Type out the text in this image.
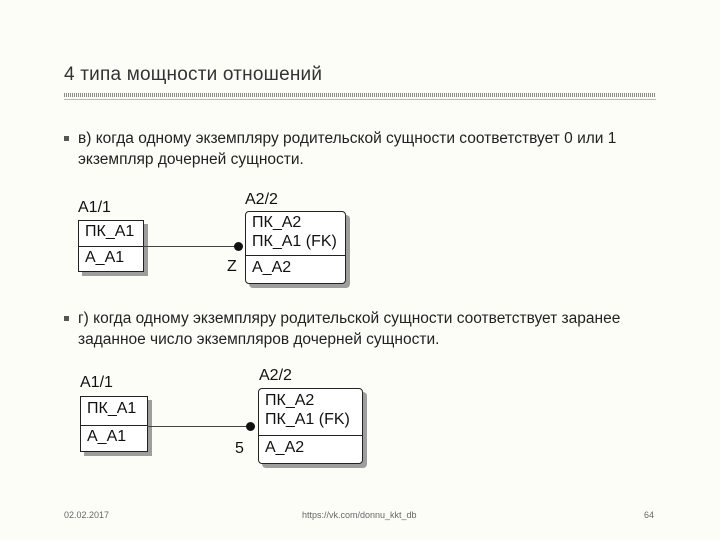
4 типа мощности отношений
в) когда одному экземпляру родительской сущности соответствует 0 или 1 экземпляр дочерней сущности.
A1/1
ПК_A1
A_A1
Z
A2/2
ПК_A2
ПК_A1 (FK)
A_A2
г) когда одному экземпляру родительской сущности соответствует заранее заданное число экземпляров дочерней сущности.
A1/1
ПК_A1
A_A1
5
A2/2
ПК_A2
ПК_A1 (FK)
A_A2
02.02.2017	https://vk.com/donnu_kkt_db	64
